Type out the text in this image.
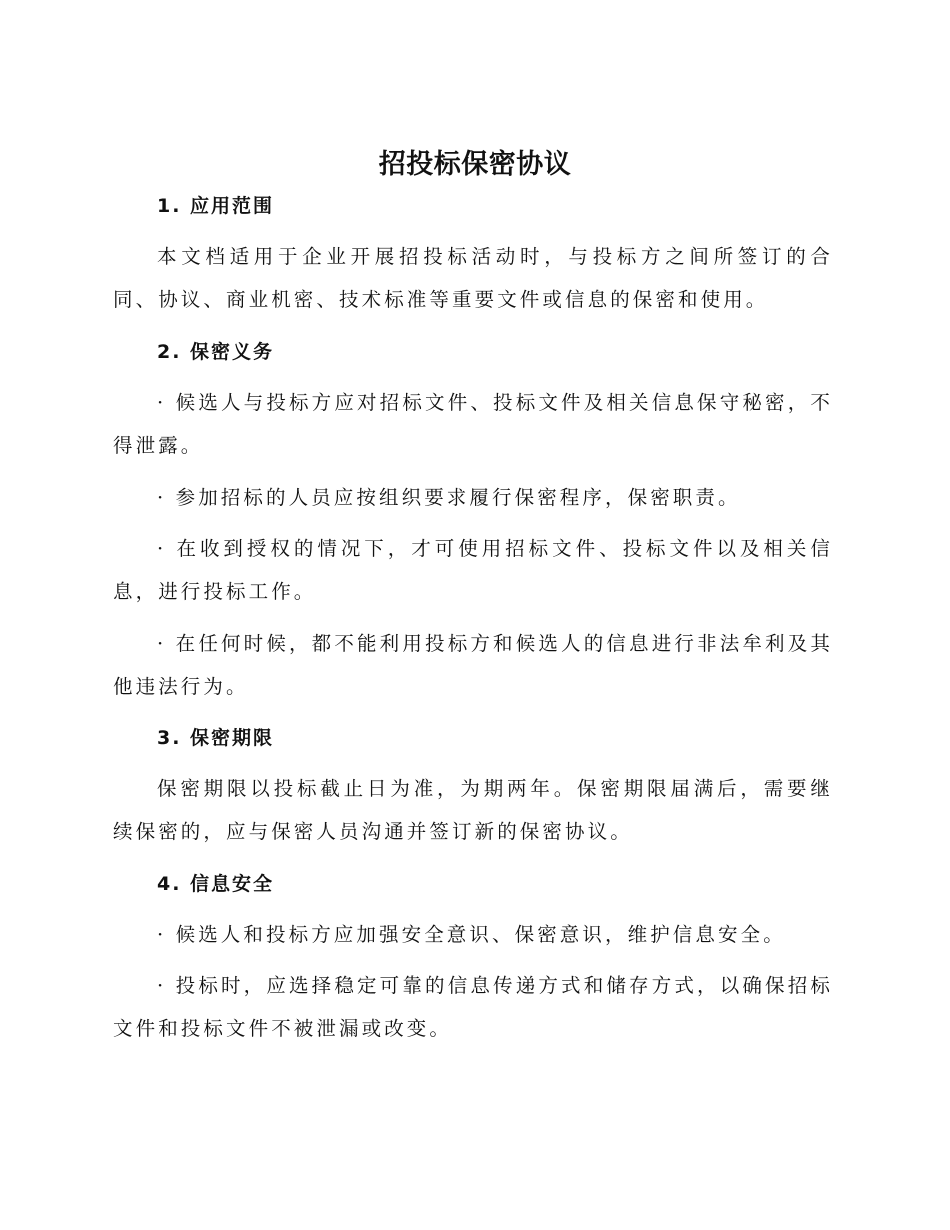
招投标保密协议
1. 应用范围

本文档适用于企业开展招投标活动时，与投标方之间所签订的合同、协议、商业机密、技术标准等重要文件或信息的保密和使用。

2. 保密义务

· 候选人与投标方应对招标文件、投标文件及相关信息保守秘密，不得泄露。

· 参加招标的人员应按组织要求履行保密程序，保密职责。

· 在收到授权的情况下，才可使用招标文件、投标文件以及相关信息，进行投标工作。

· 在任何时候，都不能利用投标方和候选人的信息进行非法牟利及其他违法行为。

3. 保密期限

保密期限以投标截止日为准，为期两年。保密期限届满后，需要继续保密的，应与保密人员沟通并签订新的保密协议。

4. 信息安全

· 候选人和投标方应加强安全意识、保密意识，维护信息安全。

· 投标时，应选择稳定可靠的信息传递方式和储存方式，以确保招标文件和投标文件不被泄漏或改变。
